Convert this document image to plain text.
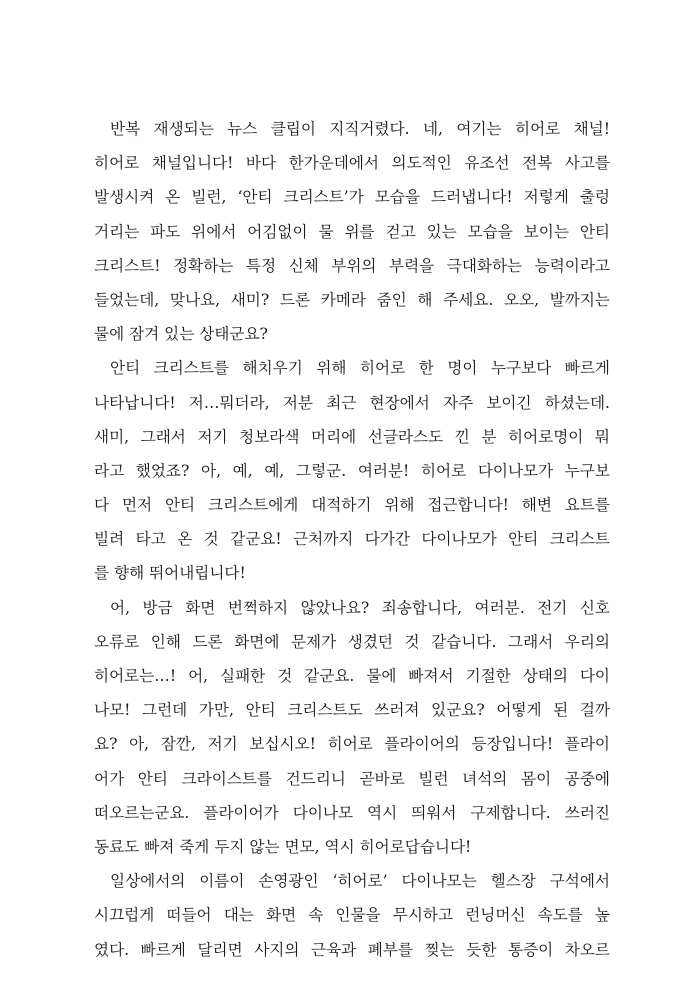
반복 재생되는 뉴스 클립이 지직거렸다. 네, 여기는 히어로 채널!
히어로 채널입니다! 바다 한가운데에서 의도적인 유조선 전복 사고를
발생시켜 온 빌런, ‘안티 크리스트’가 모습을 드러냅니다! 저렇게 출렁
거리는 파도 위에서 어김없이 물 위를 걷고 있는 모습을 보이는 안티
크리스트! 정확하는 특정 신체 부위의 부력을 극대화하는 능력이라고
들었는데, 맞나요, 새미? 드론 카메라 줌인 해 주세요. 오오, 발까지는
물에 잠겨 있는 상태군요?
안티 크리스트를 해치우기 위해 히어로 한 명이 누구보다 빠르게
나타납니다! 저…뭐더라, 저분 최근 현장에서 자주 보이긴 하셨는데.
새미, 그래서 저기 청보라색 머리에 선글라스도 낀 분 히어로명이 뭐
라고 했었죠? 아, 예, 예, 그렇군. 여러분! 히어로 다이나모가 누구보
다 먼저 안티 크리스트에게 대적하기 위해 접근합니다! 해변 요트를
빌려 타고 온 것 같군요! 근처까지 다가간 다이나모가 안티 크리스트
를 향해 뛰어내립니다!
어, 방금 화면 번쩍하지 않았나요? 죄송합니다, 여러분. 전기 신호
오류로 인해 드론 화면에 문제가 생겼던 것 같습니다. 그래서 우리의
히어로는…! 어, 실패한 것 같군요. 물에 빠져서 기절한 상태의 다이
나모! 그런데 가만, 안티 크리스트도 쓰러져 있군요? 어떻게 된 걸까
요? 아, 잠깐, 저기 보십시오! 히어로 플라이어의 등장입니다! 플라이
어가 안티 크라이스트를 건드리니 곧바로 빌런 녀석의 몸이 공중에
떠오르는군요. 플라이어가 다이나모 역시 띄워서 구제합니다. 쓰러진
동료도 빠져 죽게 두지 않는 면모, 역시 히어로답습니다!
일상에서의 이름이 손영광인 ‘히어로’ 다이나모는 헬스장 구석에서
시끄럽게 떠들어 대는 화면 속 인물을 무시하고 런닝머신 속도를 높
였다. 빠르게 달리면 사지의 근육과 폐부를 찢는 듯한 통증이 차오르
